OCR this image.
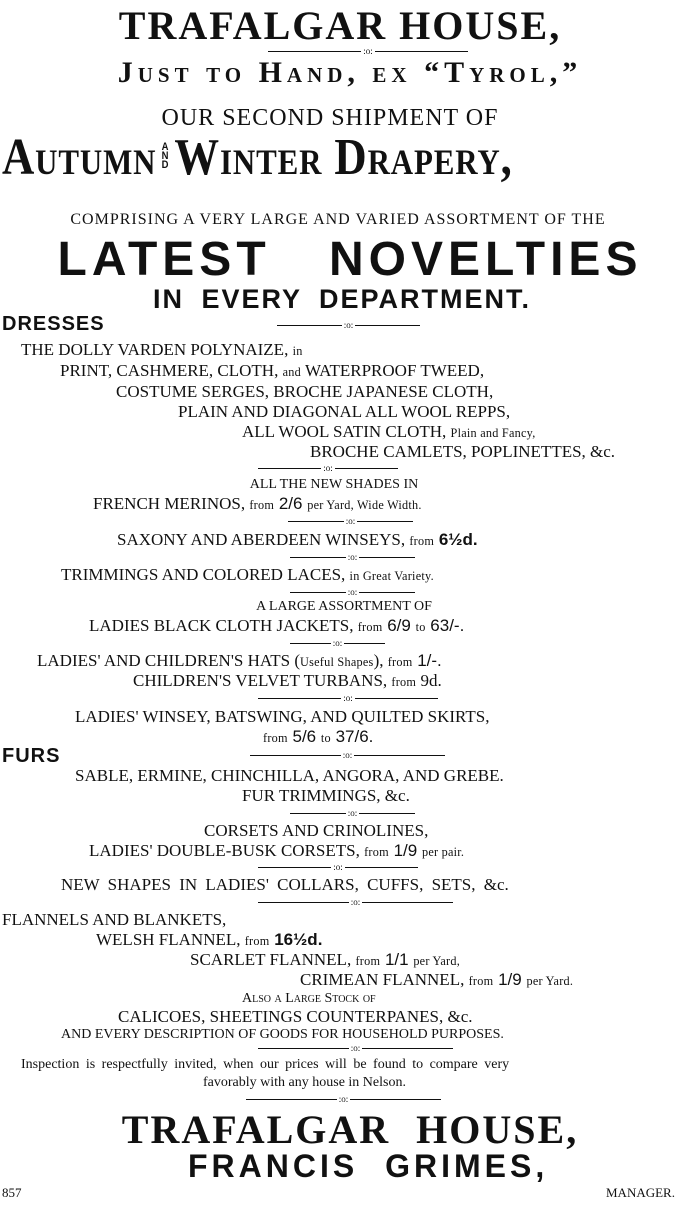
TRAFALGAR HOUSE,
:o:
Just to Hand, ex “Tyrol,”
OUR SECOND SHIPMENT OF
Autumn A
N
DWinter Drapery,
COMPRISING A VERY LARGE AND VARIED ASSORTMENT OF THE
LATEST NOVELTIES
IN EVERY DEPARTMENT.
DRESSES	:o:
THE DOLLY VARDEN POLYNAIZE, in
PRINT, CASHMERE, CLOTH, and WATERPROOF TWEED,
COSTUME SERGES, BROCHE JAPANESE CLOTH,
PLAIN AND DIAGONAL ALL WOOL REPPS,
ALL WOOL SATIN CLOTH, Plain and Fancy,
BROCHE CAMLETS, POPLINETTES, &c.
:o:
ALL THE NEW SHADES IN
FRENCH MERINOS, from 2/6 per Yard, Wide Width.
:o:
SAXONY AND ABERDEEN WINSEYS, from 6½d.
:o:
TRIMMINGS AND COLORED LACES, in Great Variety.
:o:
A LARGE ASSORTMENT OF
LADIES BLACK CLOTH JACKETS, from 6/9 to 63/-.
:o:
LADIES' AND CHILDREN'S HATS (Useful Shapes), from 1/-.
CHILDREN'S VELVET TURBANS, from 9d.
:o:
LADIES' WINSEY, BATSWING, AND QUILTED SKIRTS,
from 5/6 to 37/6.
FURS	:o:
SABLE, ERMINE, CHINCHILLA, ANGORA, AND GREBE.
FUR TRIMMINGS, &c.
:o:
CORSETS AND CRINOLINES,
LADIES' DOUBLE-BUSK CORSETS, from 1/9 per pair.
:o:
NEW SHAPES IN LADIES' COLLARS, CUFFS, SETS, &c.
:o:
FLANNELS AND BLANKETS,
WELSH FLANNEL, from 16½d.
SCARLET FLANNEL, from 1/1 per Yard,
CRIMEAN FLANNEL, from 1/9 per Yard.
Also a Large Stock of
CALICOES, SHEETINGS COUNTERPANES, &c.
AND EVERY DESCRIPTION OF GOODS FOR HOUSEHOLD PURPOSES.
:o:
Inspection is respectfully invited, when our prices will be found to compare very
favorably with any house in Nelson.
:o:
TRAFALGAR HOUSE,
FRANCIS GRIMES,
857	MANAGER.
